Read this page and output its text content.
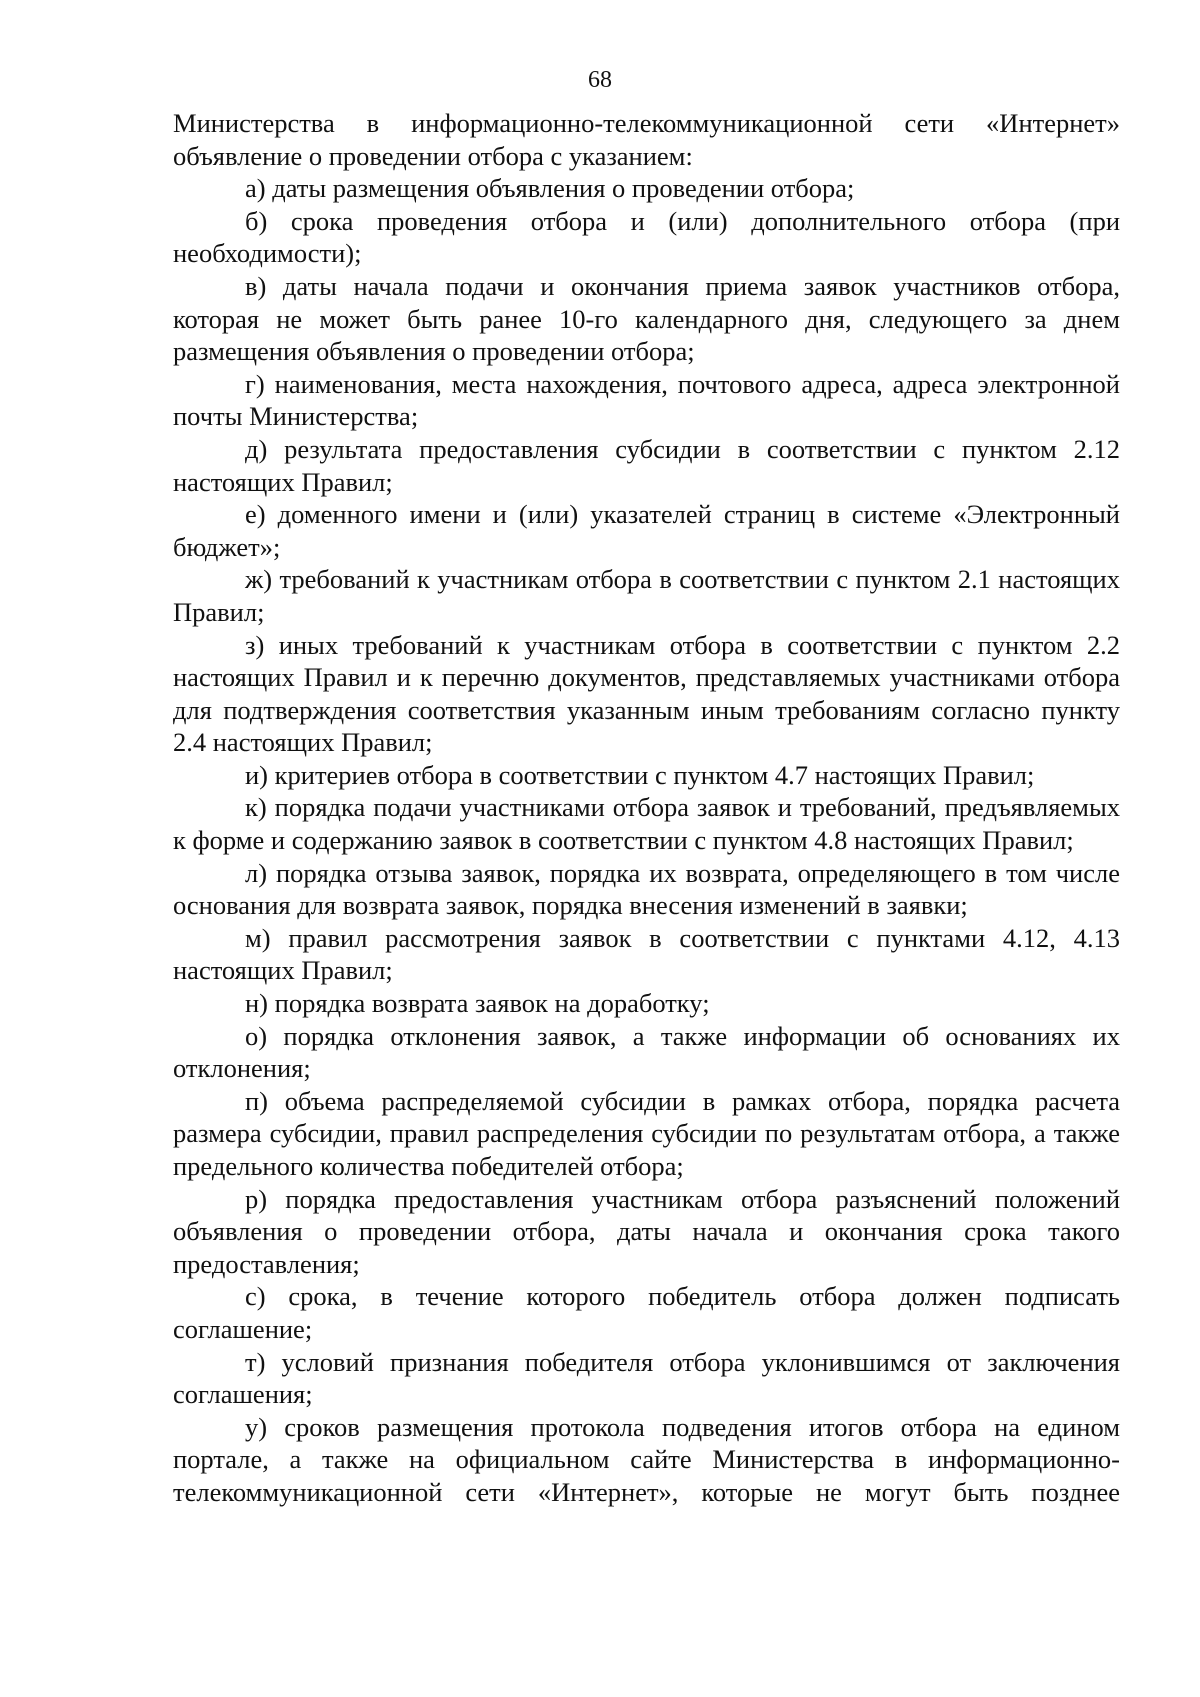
68

Министерства в информационно-телекоммуникационной сети «Интернет» объявление о проведении отбора с указанием:

а) даты размещения объявления о проведении отбора;

б) срока проведения отбора и (или) дополнительного отбора (при необходимости);

в) даты начала подачи и окончания приема заявок участников отбора, которая не может быть ранее 10-го календарного дня, следующего за днем размещения объявления о проведении отбора;

г) наименования, места нахождения, почтового адреса, адреса электронной почты Министерства;

д) результата предоставления субсидии в соответствии с пунктом 2.12 настоящих Правил;

е) доменного имени и (или) указателей страниц в системе «Электронный бюджет»;

ж) требований к участникам отбора в соответствии с пунктом 2.1 настоящих Правил;

з) иных требований к участникам отбора в соответствии с пунктом 2.2 настоящих Правил и к перечню документов, представляемых участниками отбора для подтверждения соответствия указанным иным требованиям согласно пункту 2.4 настоящих Правил;

и) критериев отбора в соответствии с пунктом 4.7 настоящих Правил;

к) порядка подачи участниками отбора заявок и требований, предъявляемых к форме и содержанию заявок в соответствии с пунктом 4.8 настоящих Правил;

л) порядка отзыва заявок, порядка их возврата, определяющего в том числе основания для возврата заявок, порядка внесения изменений в заявки;

м) правил рассмотрения заявок в соответствии с пунктами 4.12, 4.13 настоящих Правил;

н) порядка возврата заявок на доработку;

о) порядка отклонения заявок, а также информации об основаниях их отклонения;

п) объема распределяемой субсидии в рамках отбора, порядка расчета размера субсидии, правил распределения субсидии по результатам отбора, а также предельного количества победителей отбора;

р) порядка предоставления участникам отбора разъяснений положений объявления о проведении отбора, даты начала и окончания срока такого предоставления;

с) срока, в течение которого победитель отбора должен подписать соглашение;

т) условий признания победителя отбора уклонившимся от заключения соглашения;

у) сроков размещения протокола подведения итогов отбора на едином портале, а также на официальном сайте Министерства в информационно-телекоммуникационной сети «Интернет», которые не могут быть позднее
